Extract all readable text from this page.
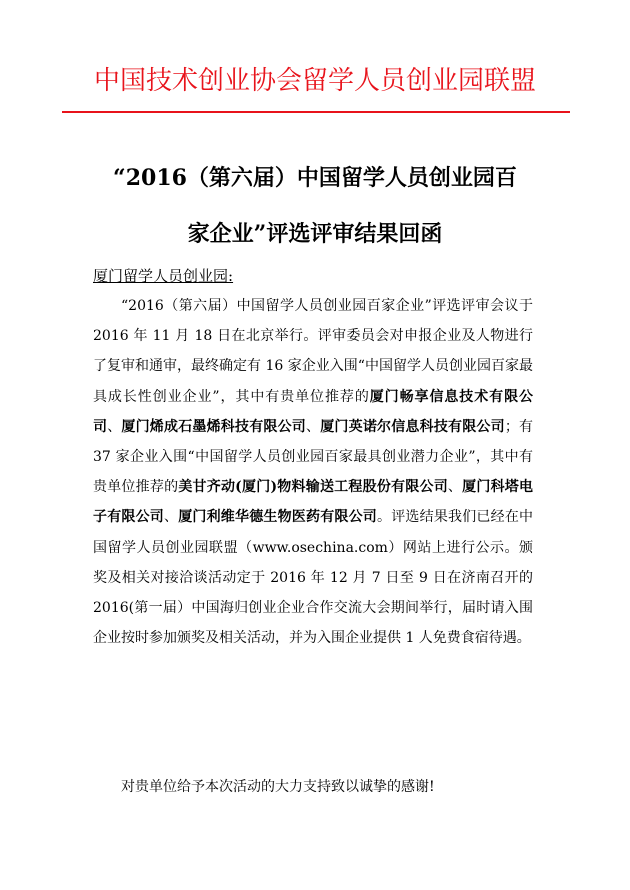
中国技术创业协会留学人员创业园联盟
“2016（第六届）中国留学人员创业园百
家企业”评选评审结果回函
厦门留学人员创业园:

“2016（第六届）中国留学人员创业园百家企业”评选评审会议于 2016 年 11 月 18 日在北京举行。评审委员会对申报企业及人物进行了复审和通审，最终确定有 16 家企业入围“中国留学人员创业园百家最具成长性创业企业”，其中有贵单位推荐的厦门畅享信息技术有限公司、厦门烯成石墨烯科技有限公司、厦门英诺尔信息科技有限公司；有 37 家企业入围“中国留学人员创业园百家最具创业潜力企业”，其中有贵单位推荐的美甘齐动(厦门)物料输送工程股份有限公司、厦门科塔电子有限公司、厦门利维华德生物医药有限公司。评选结果我们已经在中国留学人员创业园联盟（www.osechina.com）网站上进行公示。颁奖及相关对接洽谈活动定于 2016 年 12 月 7 日至 9 日在济南召开的 2016(第一届）中国海归创业企业合作交流大会期间举行，届时请入围企业按时参加颁奖及相关活动，并为入围企业提供 1 人免费食宿待遇。

对贵单位给予本次活动的大力支持致以诚挚的感谢!
